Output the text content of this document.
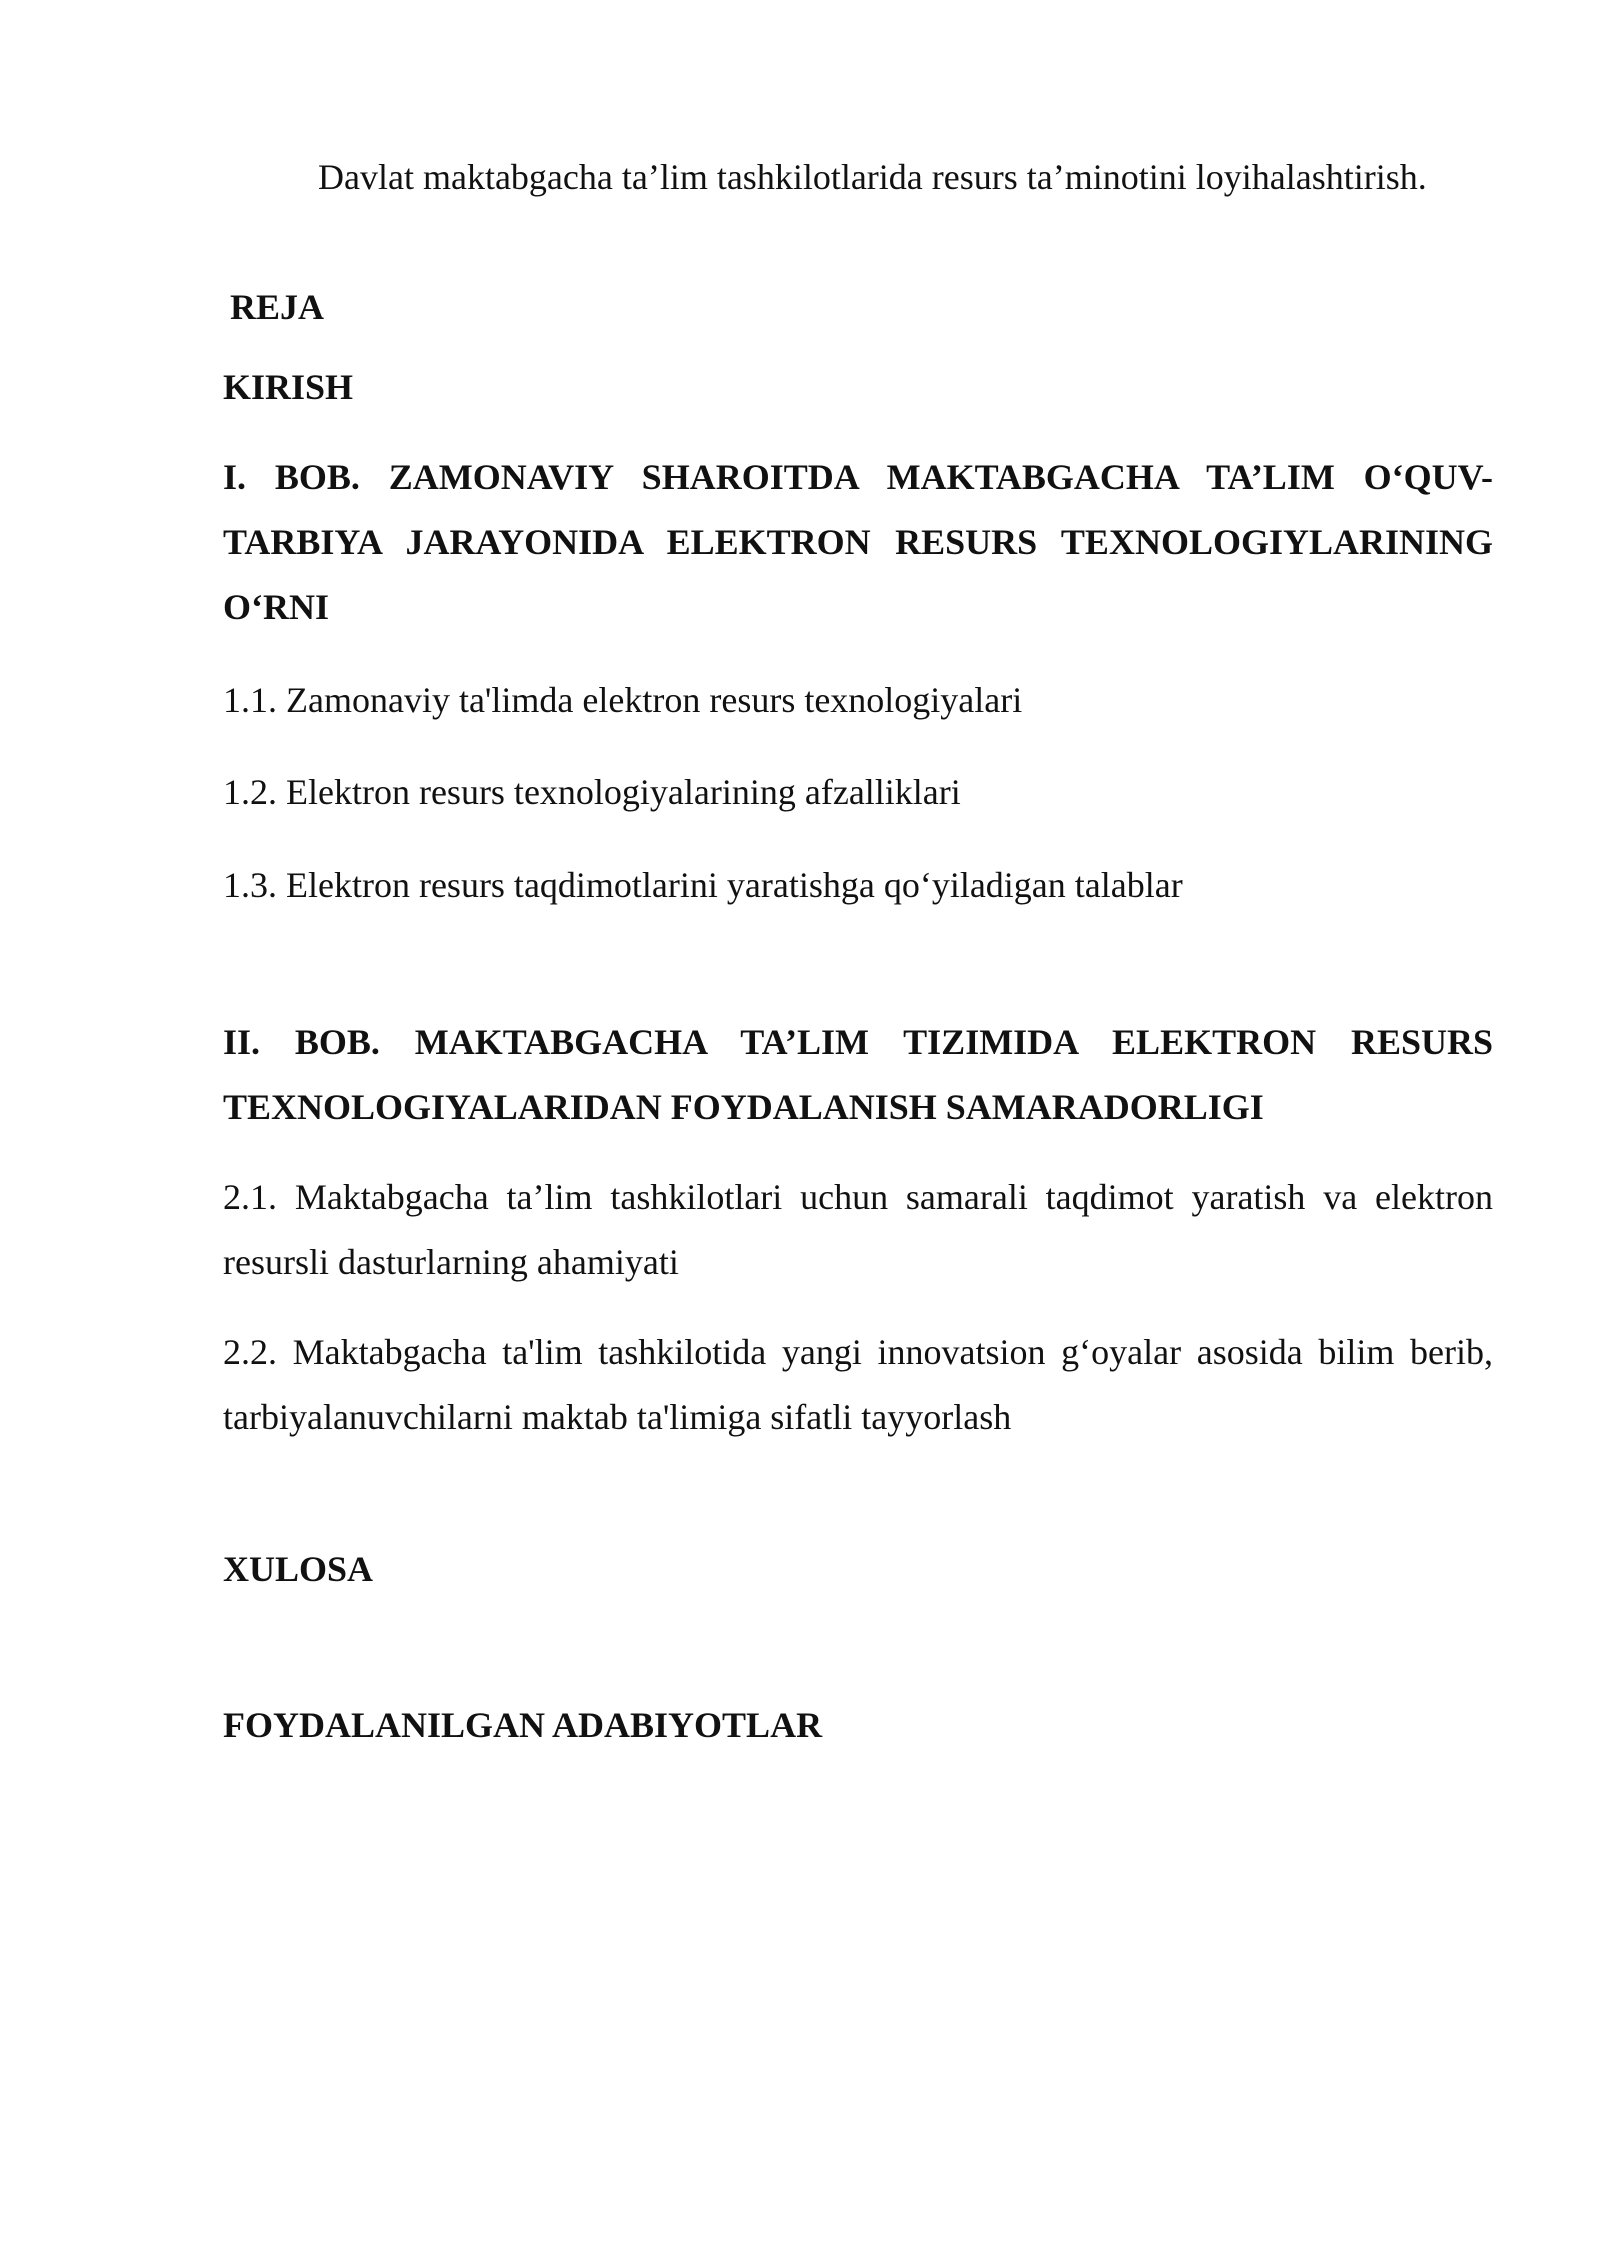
Davlat maktabgacha ta’lim tashkilotlarida resurs ta’minotini loyihalashtirish.

REJA

KIRISH

I. BOB. ZAMONAVIY SHAROITDA MAKTABGACHA TA’LIM O‘QUV-TARBIYA JARAYONIDA ELEKTRON RESURS TEXNOLOGIYLARINING O‘RNI

1.1. Zamonaviy ta'limda elektron resurs texnologiyalari

1.2. Elektron resurs texnologiyalarining afzalliklari

1.3. Elektron resurs taqdimotlarini yaratishga qo‘yiladigan talablar

II. BOB. MAKTABGACHA TA’LIM TIZIMIDA ELEKTRON RESURS TEXNOLOGIYALARIDAN FOYDALANISH SAMARADORLIGI

2.1. Maktabgacha ta’lim tashkilotlari uchun samarali taqdimot yaratish va elektron resursli dasturlarning ahamiyati

2.2. Maktabgacha ta'lim tashkilotida yangi innovatsion g‘oyalar asosida bilim berib, tarbiyalanuvchilarni maktab ta'limiga sifatli tayyorlash

XULOSA

FOYDALANILGAN ADABIYOTLAR
